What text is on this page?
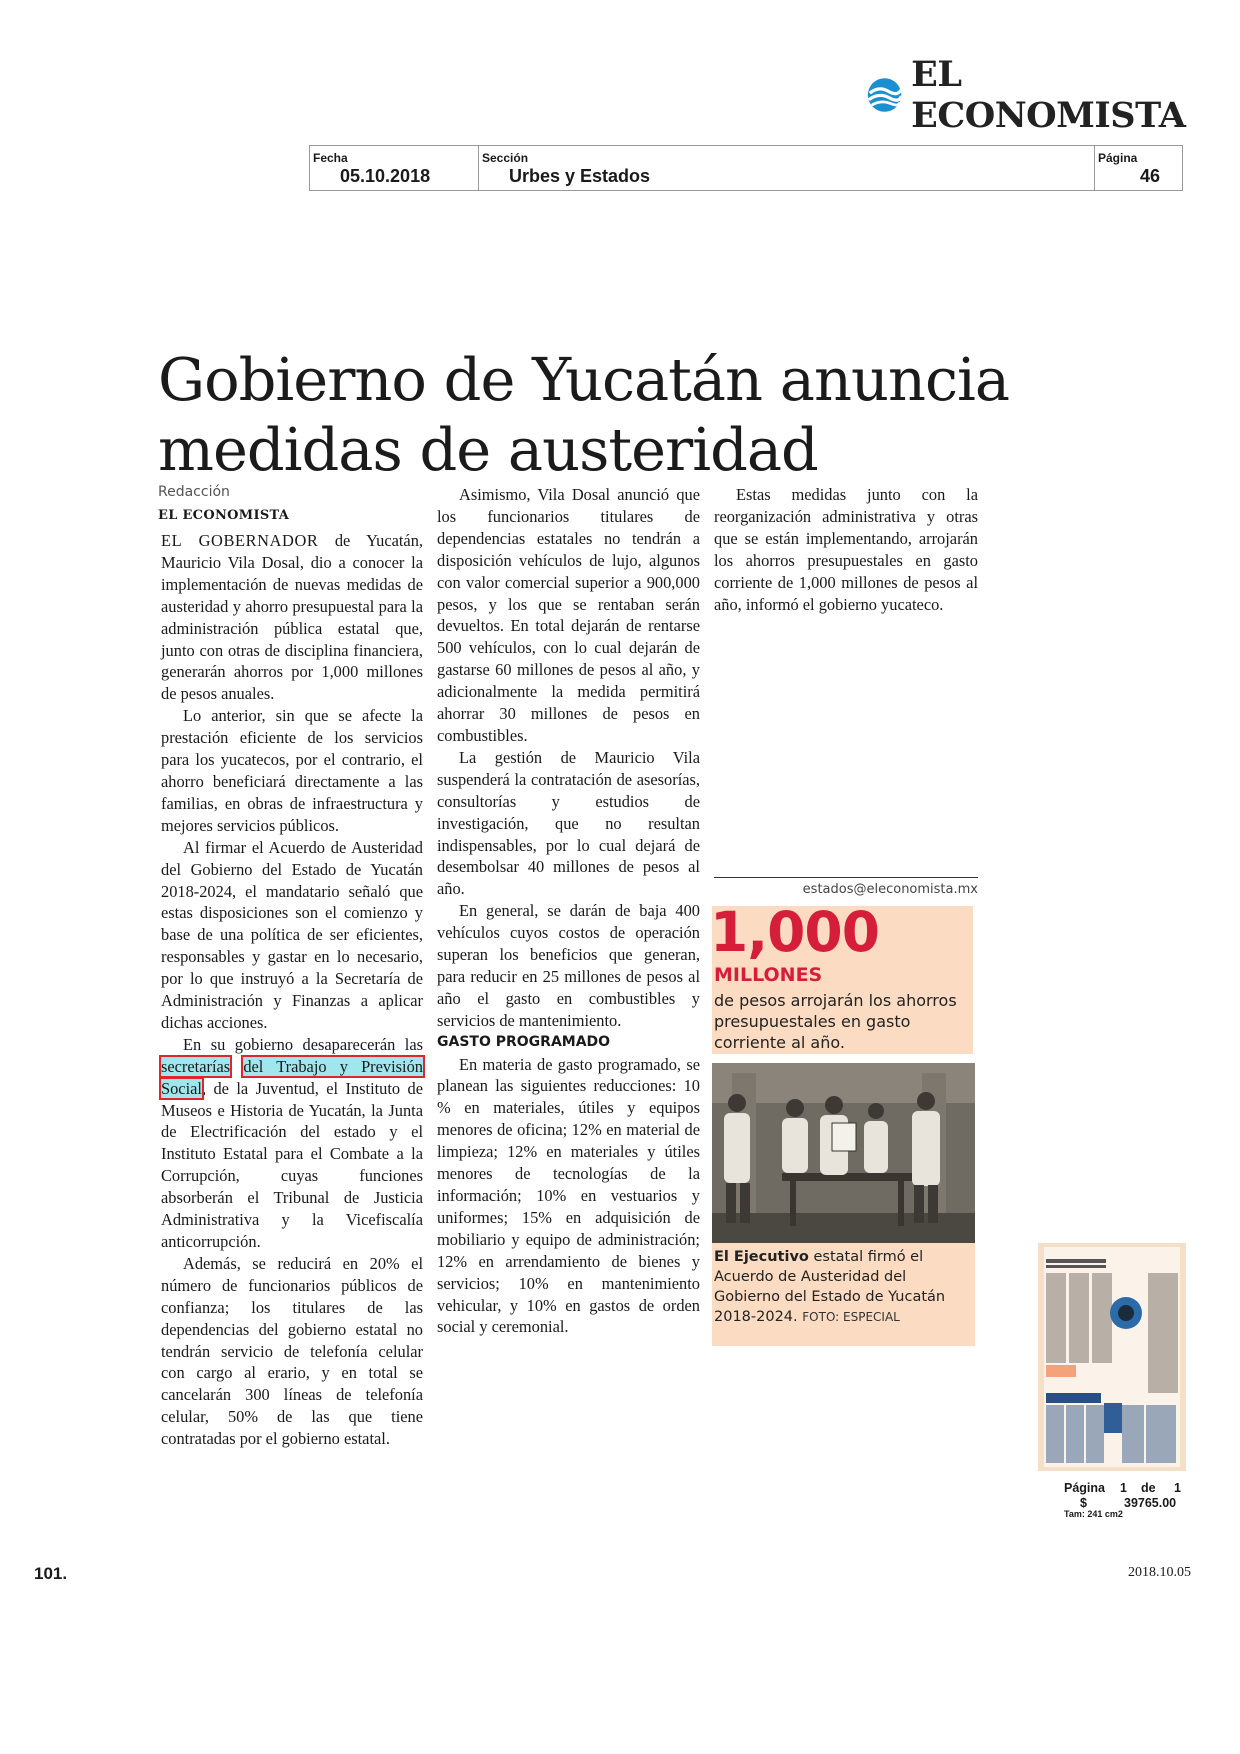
EL ECONOMISTA
Fecha
05.10.2018
Sección
Urbes y Estados
Página
46
Gobierno de Yucatán anuncia medidas de austeridad
Redacción
EL ECONOMISTA

EL GOBERNADOR de Yucatán, Mauricio Vila Dosal, dio a conocer la implementación de nuevas medidas de austeridad y ahorro presupuestal para la administración pública estatal que, junto con otras de disciplina financiera, generarán ahorros por 1,000 millones de pesos anuales.

Lo anterior, sin que se afecte la prestación eficiente de los servicios para los yucatecos, por el contrario, el ahorro beneficiará directamente a las familias, en obras de infraestructura y mejores servicios públicos.

Al firmar el Acuerdo de Austeridad del Gobierno del Estado de Yucatán 2018-2024, el mandatario señaló que estas disposiciones son el comienzo y base de una política de ser eficientes, responsables y gastar en lo necesario, por lo que instruyó a la Secretaría de Administración y Finanzas a aplicar dichas acciones.

En su gobierno desaparecerán las secretarías del Trabajo y Previsión Social, de la Juventud, el Instituto de Museos e Historia de Yucatán, la Junta de Electrificación del estado y el Instituto Estatal para el Combate a la Corrupción, cuyas funciones absorberán el Tribunal de Justicia Administrativa y la Vicefiscalía anticorrupción.

Además, se reducirá en 20% el número de funcionarios públicos de confianza; los titulares de las dependencias del gobierno estatal no tendrán servicio de telefonía celular con cargo al erario, y en total se cancelarán 300 líneas de telefonía celular, 50% de las que tiene contratadas por el gobierno estatal.

Asimismo, Vila Dosal anunció que los funcionarios titulares de dependencias estatales no tendrán a disposición vehículos de lujo, algunos con valor comercial superior a 900,000 pesos, y los que se rentaban serán devueltos. En total dejarán de rentarse 500 vehículos, con lo cual dejarán de gastarse 60 millones de pesos al año, y adicionalmente la medida permitirá ahorrar 30 millones de pesos en combustibles.

La gestión de Mauricio Vila suspenderá la contratación de asesorías, consultorías y estudios de investigación, que no resultan indispensables, por lo cual dejará de desembolsar 40 millones de pesos al año.

En general, se darán de baja 400 vehículos cuyos costos de operación superan los beneficios que generan, para reducir en 25 millones de pesos al año el gasto en combustibles y servicios de mantenimiento.

GASTO PROGRAMADO

En materia de gasto programado, se planean las siguientes reducciones: 10 % en materiales, útiles y equipos menores de oficina; 12% en material de limpieza; 12% en materiales y útiles menores de tecnologías de la información; 10% en vestuarios y uniformes; 15% en adquisición de mobiliario y equipo de administración; 12% en arrendamiento de bienes y servicios; 10% en mantenimiento vehicular, y 10% en gastos de orden social y ceremonial.

Estas medidas junto con la reorganización administrativa y otras que se están implementando, arrojarán los ahorros presupuestales en gasto corriente de 1,000 millones de pesos al año, informó el gobierno yucateco.

estados@eleconomista.mx
1,000
MILLONES
de pesos arrojarán los ahorros presupuestales en gasto corriente al año.
El Ejecutivo estatal firmó el Acuerdo de Austeridad del Gobierno del Estado de Yucatán 2018-2024. FOTO: ESPECIAL
Página 1 de 1
$	39765.00
Tam: 241 cm2
101.	2018.10.05
